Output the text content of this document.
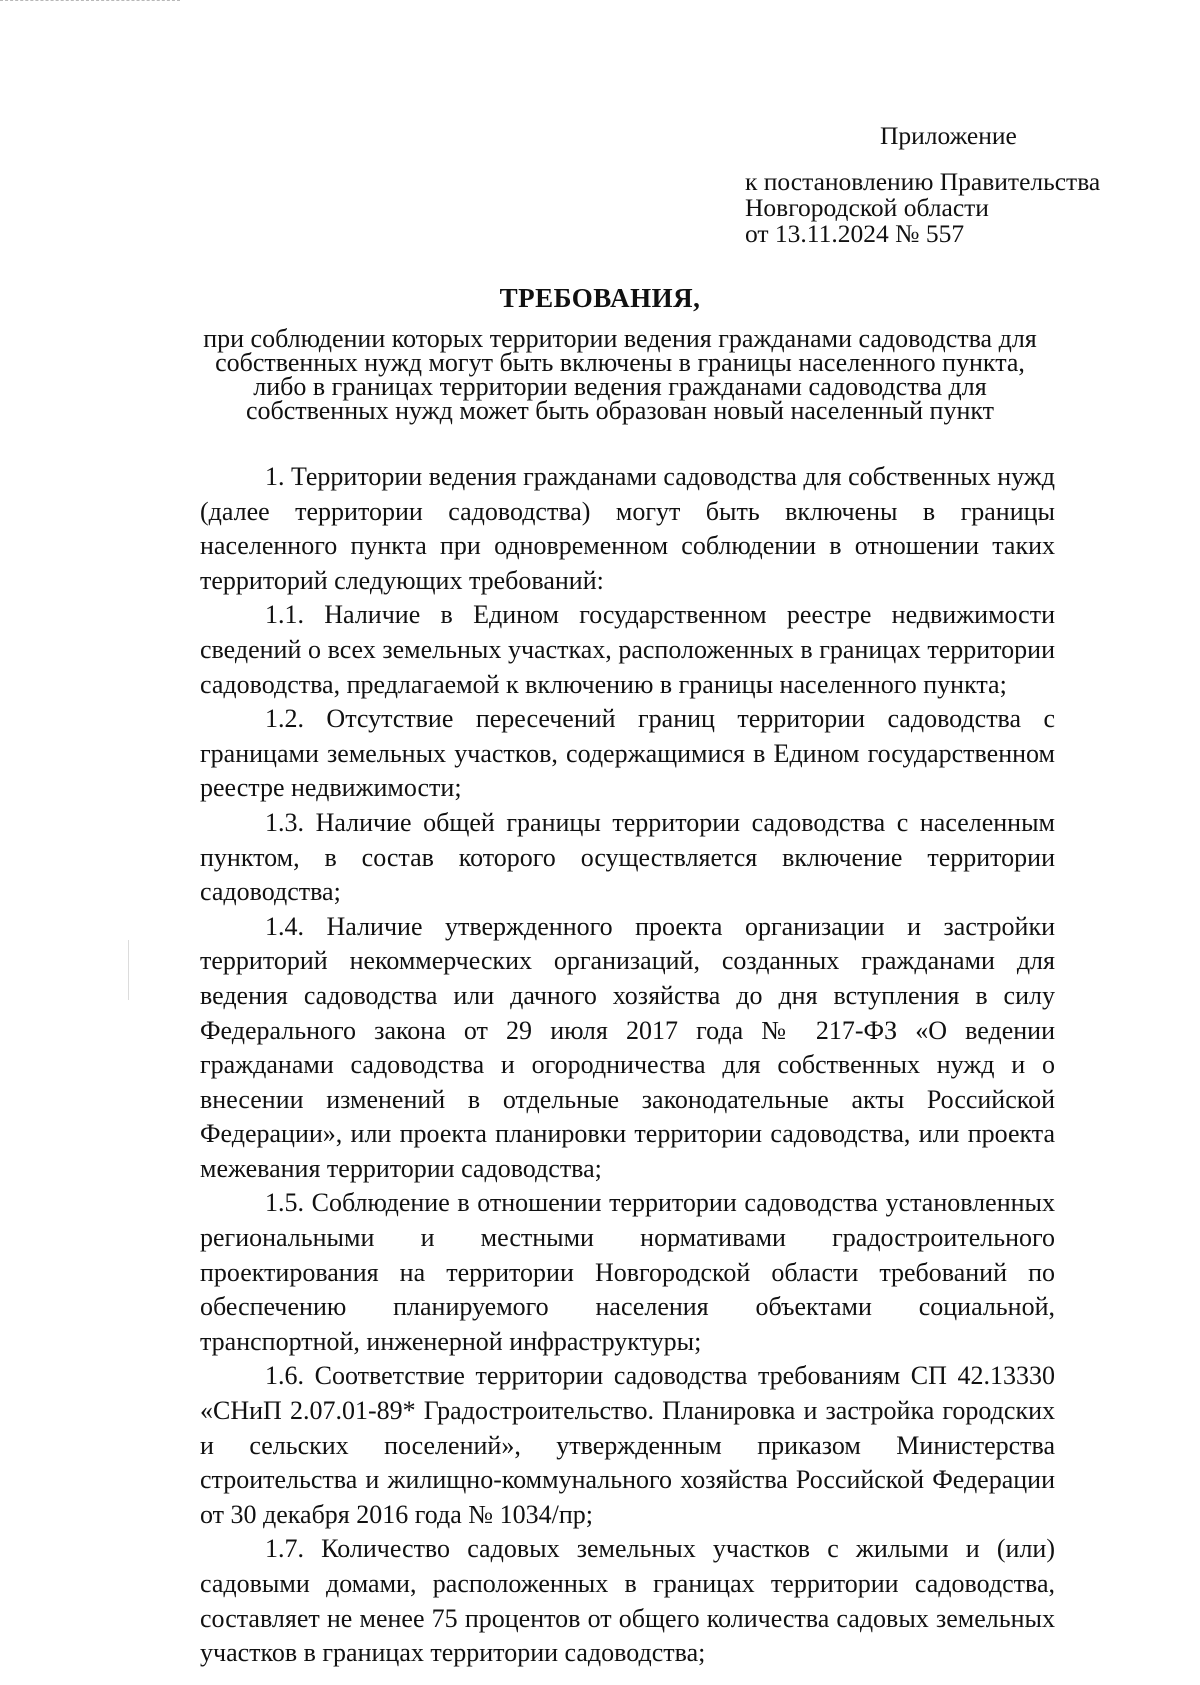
Приложение
к постановлению Правительства
Новгородской области
от 13.11.2024 № 557
ТРЕБОВАНИЯ,
при соблюдении которых территории ведения гражданами садоводства для собственных нужд могут быть включены в границы населенного пункта, либо в границах территории ведения гражданами садоводства для собственных нужд может быть образован новый населенный пункт

1. Территории ведения гражданами садоводства для собственных нужд (далее территории садоводства) могут быть включены в границы населенного пункта при одновременном соблюдении в отношении таких территорий следующих требований:

1.1. Наличие в Едином государственном реестре недвижимости сведений о всех земельных участках, расположенных в границах территории садоводства, предлагаемой к включению в границы населенного пункта;

1.2. Отсутствие пересечений границ территории садоводства с границами земельных участков, содержащимися в Едином государственном реестре недвижимости;

1.3. Наличие общей границы территории садоводства с населенным пунктом, в состав которого осуществляется включение территории садоводства;

1.4. Наличие утвержденного проекта организации и застройки территорий некоммерческих организаций, созданных гражданами для ведения садоводства или дачного хозяйства до дня вступления в силу Федерального закона от 29 июля 2017 года № 217-ФЗ «О ведении гражданами садоводства и огородничества для собственных нужд и о внесении изменений в отдельные законодательные акты Российской Федерации», или проекта планировки территории садоводства, или проекта межевания территории садоводства;

1.5. Соблюдение в отношении территории садоводства установленных региональными и местными нормативами градостроительного проектирования на территории Новгородской области требований по обеспечению планируемого населения объектами социальной, транспортной, инженерной инфраструктуры;

1.6. Соответствие территории садоводства требованиям СП 42.13330 «СНиП 2.07.01-89* Градостроительство. Планировка и застройка городских и сельских поселений», утвержденным приказом Министерства строительства и жилищно-коммунального хозяйства Российской Федерации от 30 декабря 2016 года № 1034/пр;

1.7. Количество садовых земельных участков с жилыми и (или) садовыми домами, расположенных в границах территории садоводства, составляет не менее 75 процентов от общего количества садовых земельных участков в границах территории садоводства;
